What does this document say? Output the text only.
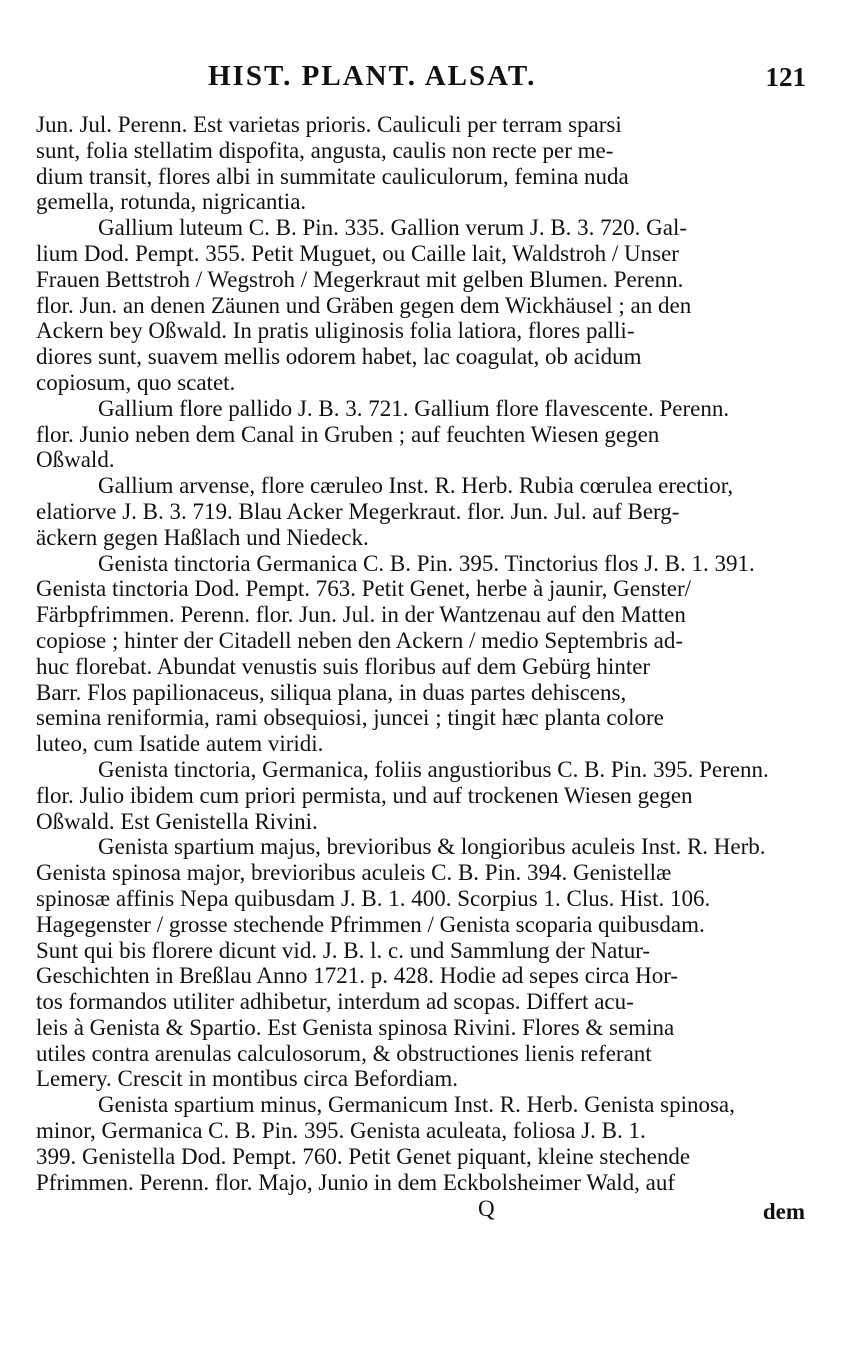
HIST. PLANT. ALSAT.	121
Jun. Jul. Perenn. Est varietas prioris. Cauliculi per terram sparsi
sunt, folia stellatim dispofita, angusta, caulis non recte per me-
dium transit, flores albi in summitate cauliculorum, femina nuda
gemella, rotunda, nigricantia.
Gallium luteum C. B. Pin. 335. Gallion verum J. B. 3. 720. Gal-
lium Dod. Pempt. 355. Petit Muguet, ou Caille lait, Waldstroh / Unser
Frauen Bettstroh / Wegstroh / Megerkraut mit gelben Blumen. Perenn.
flor. Jun. an denen Zäunen und Gräben gegen dem Wickhäusel ; an den
Ackern bey Oßwald. In pratis uliginosis folia latiora, flores palli-
diores sunt, suavem mellis odorem habet, lac coagulat, ob acidum
copiosum, quo scatet.
Gallium flore pallido J. B. 3. 721. Gallium flore flavescente. Perenn.
flor. Junio neben dem Canal in Gruben ; auf feuchten Wiesen gegen
Oßwald.
Gallium arvense, flore cæruleo Inst. R. Herb. Rubia cœrulea erectior,
elatiorve J. B. 3. 719. Blau Acker Megerkraut. flor. Jun. Jul. auf Berg-
äckern gegen Haßlach und Niedeck.
Genista tinctoria Germanica C. B. Pin. 395. Tinctorius flos J. B. 1. 391.
Genista tinctoria Dod. Pempt. 763. Petit Genet, herbe à jaunir, Genster/
Färbpfrimmen. Perenn. flor. Jun. Jul. in der Wantzenau auf den Matten
copiose ; hinter der Citadell neben den Ackern / medio Septembris ad-
huc florebat. Abundat venustis suis floribus auf dem Gebürg hinter
Barr. Flos papilionaceus, siliqua plana, in duas partes dehiscens,
semina reniformia, rami obsequiosi, juncei ; tingit hæc planta colore
luteo, cum Isatide autem viridi.
Genista tinctoria, Germanica, foliis angustioribus C. B. Pin. 395. Perenn.
flor. Julio ibidem cum priori permista, und auf trockenen Wiesen gegen
Oßwald. Est Genistella Rivini.
Genista spartium majus, brevioribus & longioribus aculeis Inst. R. Herb.
Genista spinosa major, brevioribus aculeis C. B. Pin. 394. Genistellæ
spinosæ affinis Nepa quibusdam J. B. 1. 400. Scorpius 1. Clus. Hist. 106.
Hagegenster / grosse stechende Pfrimmen / Genista scoparia quibusdam.
Sunt qui bis florere dicunt vid. J. B. l. c. und Sammlung der Natur-
Geschichten in Breßlau Anno 1721. p. 428. Hodie ad sepes circa Hor-
tos formandos utiliter adhibetur, interdum ad scopas. Differt acu-
leis à Genista & Spartio. Est Genista spinosa Rivini. Flores & semina
utiles contra arenulas calculosorum, & obstructiones lienis referant
Lemery. Crescit in montibus circa Befordiam.
Genista spartium minus, Germanicum Inst. R. Herb. Genista spinosa,
minor, Germanica C. B. Pin. 395. Genista aculeata, foliosa J. B. 1.
399. Genistella Dod. Pempt. 760. Petit Genet piquant, kleine stechende
Pfrimmen. Perenn. flor. Majo, Junio in dem Eckbolsheimer Wald, auf
Q	dem
